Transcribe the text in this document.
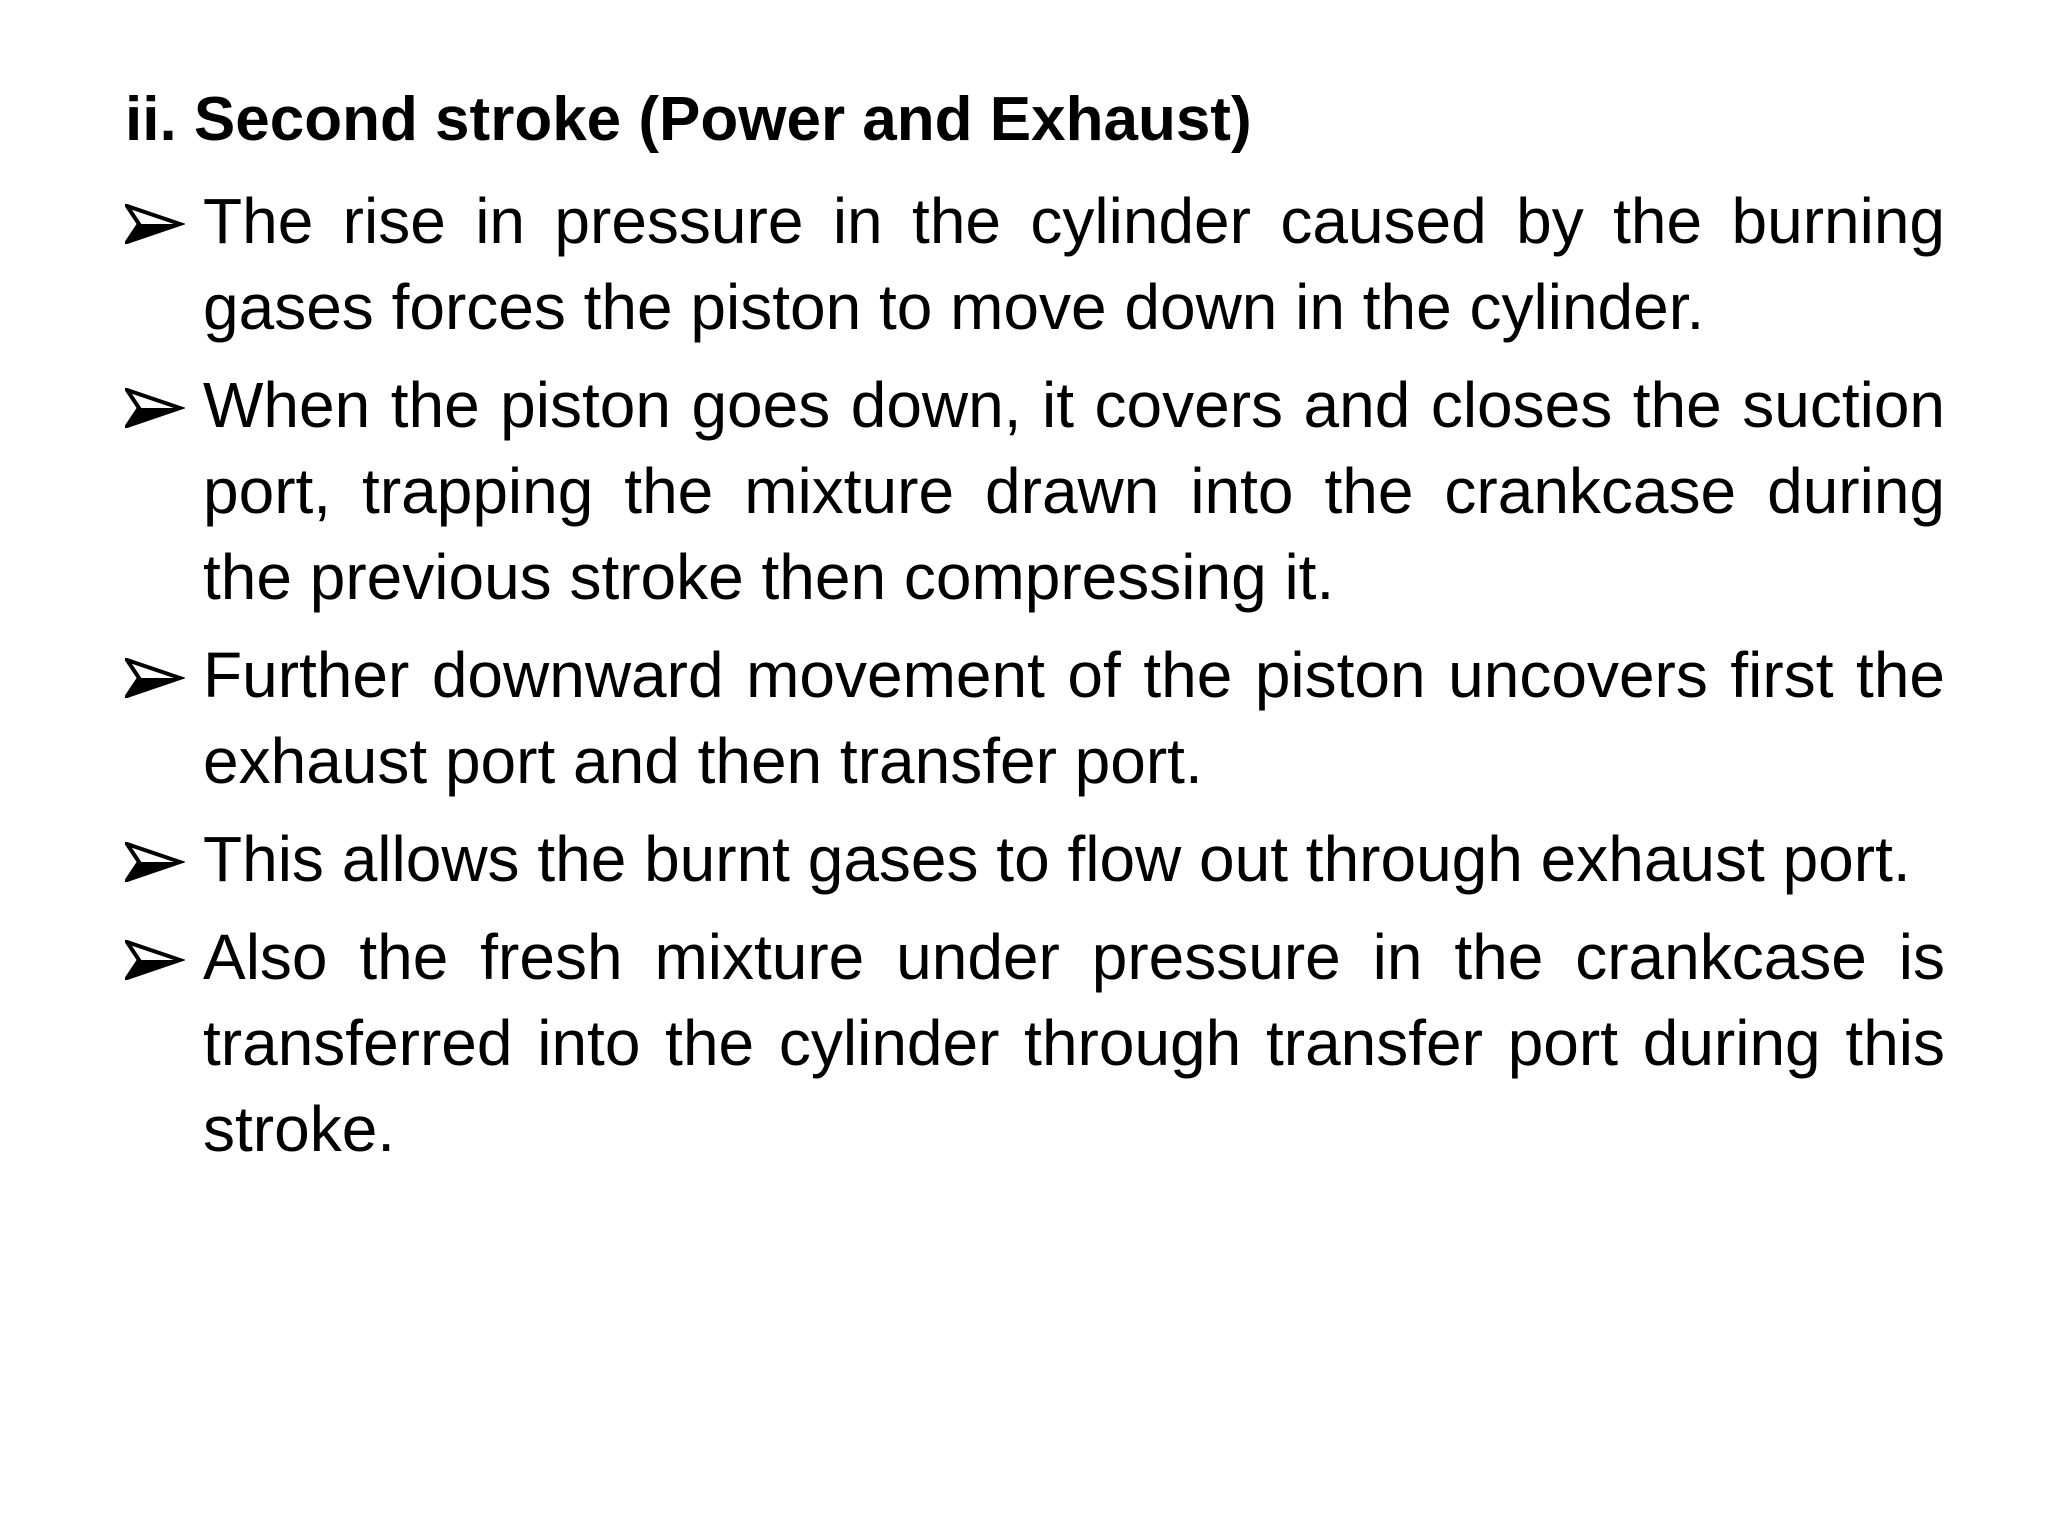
ii. Second stroke (Power and Exhaust)
The rise in pressure in the cylinder caused by the burning gases forces the piston to move down in the cylinder.
When the piston goes down, it covers and closes the suction port, trapping the mixture drawn into the crankcase during the previous stroke then compressing it.
Further downward movement of the piston uncovers first the exhaust port and then transfer port.
This allows the burnt gases to flow out through exhaust port.
Also the fresh mixture under pressure in the crankcase is transferred into the cylinder through transfer port during this stroke.
